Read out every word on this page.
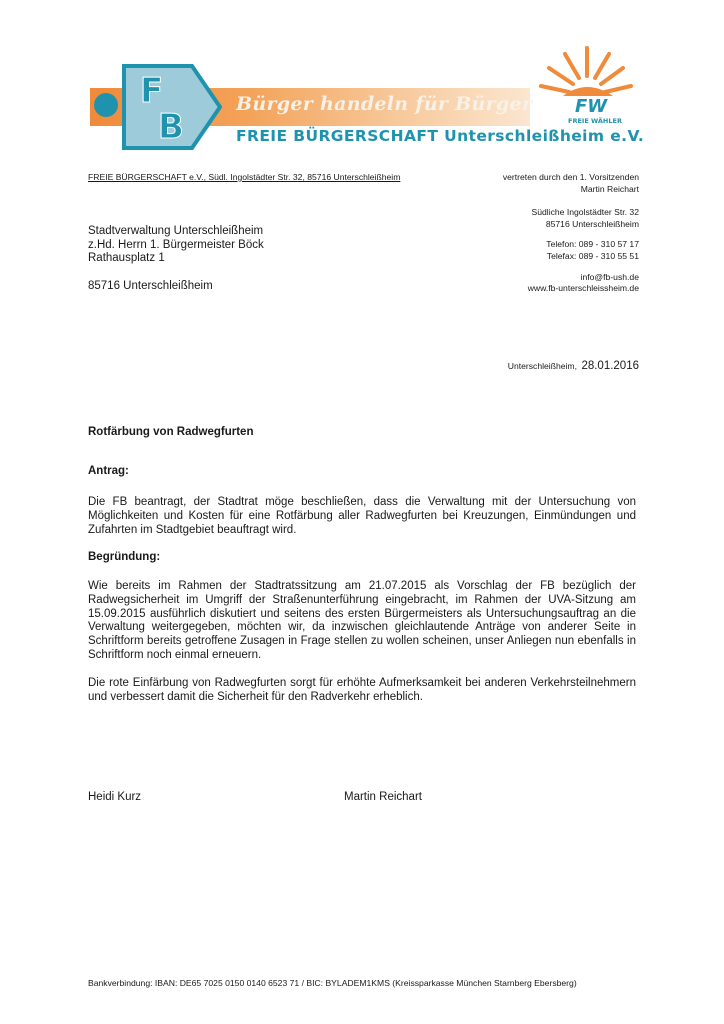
Bürger handeln für Bürger
FREIE BÜRGERSCHAFT Unterschleißheim e.V.
F
B
FW
FREIE WÄHLER
FREIE BÜRGERSCHAFT e.V., Südl. Ingolstädter Str. 32, 85716 Unterschleißheim	vertreten durch den 1. Vorsitzenden
Martin Reichart
Südliche Ingolstädter Str. 32
85716 Unterschleißheim
Telefon: 089 - 310 57 17
Telefax: 089 - 310 55 51
info@fb-ush.de
www.fb-unterschleissheim.de
Stadtverwaltung Unterschleißheim
z.Hd. Herrn 1. Bürgermeister Böck
Rathausplatz 1
85716 Unterschleißheim
Unterschleißheim, 28.01.2016
Rotfärbung von Radwegfurten
Antrag:
Die FB beantragt, der Stadtrat möge beschließen, dass die Verwaltung mit der Untersuchung von Möglichkeiten und Kosten für eine Rotfärbung aller Radwegfurten bei Kreuzungen, Einmündungen und Zufahrten im Stadtgebiet beauftragt wird.
Begründung:
Wie bereits im Rahmen der Stadtratssitzung am 21.07.2015 als Vorschlag der FB bezüglich der Radwegsicherheit im Umgriff der Straßenunterführung eingebracht, im Rahmen der UVA-Sitzung am 15.09.2015 ausführlich diskutiert und seitens des ersten Bürgermeisters als Untersuchungsauftrag an die Verwaltung weitergegeben, möchten wir, da inzwischen gleichlautende Anträge von anderer Seite in Schriftform bereits getroffene Zusagen in Frage stellen zu wollen scheinen, unser Anliegen nun ebenfalls in Schriftform noch einmal erneuern.
Die rote Einfärbung von Radwegfurten sorgt für erhöhte Aufmerksamkeit bei anderen Verkehrsteilnehmern und verbessert damit die Sicherheit für den Radverkehr erheblich.
Heidi Kurz	Martin Reichart
Bankverbindung: IBAN: DE65 7025 0150 0140 6523 71 / BIC: BYLADEM1KMS (Kreissparkasse München Starnberg Ebersberg)
